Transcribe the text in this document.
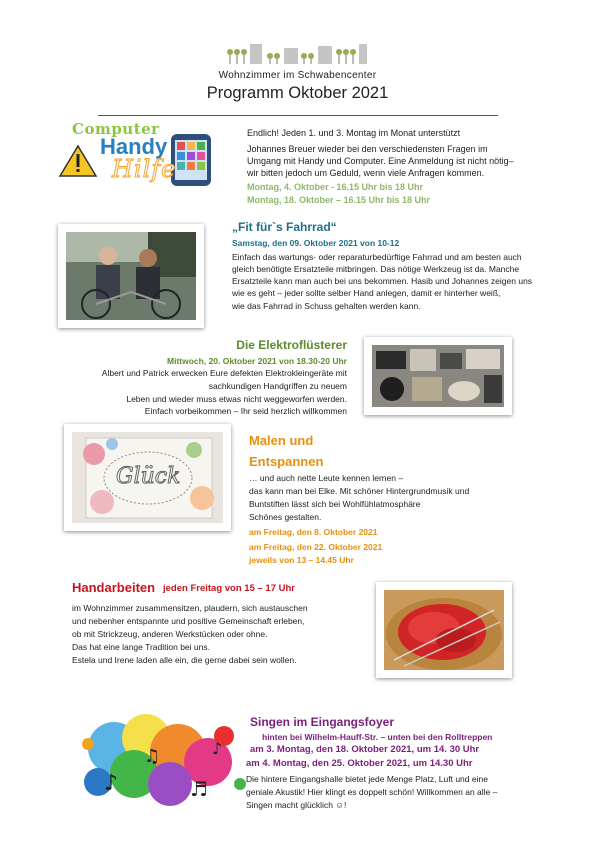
Wohnzimmer im Schwabencenter
Programm Oktober 2021
Computer
Handy
Hilfe
Endlich! Jeden 1. und 3. Montag im Monat unterstützt
Johannes Breuer wieder bei den verschiedensten Fragen im
Umgang mit Handy und Computer. Eine Anmeldung ist nicht nötig–
wir bitten jedoch um Geduld, wenn viele Anfragen kommen.
Montag, 4. Oktober - 16.15 Uhr bis 18 Uhr
Montag, 18. Oktober – 16.15 Uhr bis 18 Uhr
„Fit für`s Fahrrad“
Samstag, den 09. Oktober 2021 von 10-12
Einfach das wartungs- oder reparaturbedürftige Fahrrad und am besten auch
gleich benötigte Ersatzteile mitbringen. Das nötige Werkzeug ist da. Manche
Ersatzteile kann man auch bei uns bekommen. Hasib und Johannes zeigen uns
wie es geht – jeder sollte selber Hand anlegen, damit er hinterher weiß,
wie das Fahrrad in Schuss gehalten werden kann.
Die Elektroflüsterer
Mittwoch, 20. Oktober 2021 von 18.30-20 Uhr
Albert und Patrick erwecken Eure defekten Elektrokleingeräte mit
sachkundigen Handgriffen zu neuem
Leben und wieder muss etwas nicht weggeworfen werden.
Einfach vorbeikommen – Ihr seid herzlich willkommen
Glück
Malen und
Entspannen
… und auch nette Leute kennen lernen –
das kann man bei Elke. Mit schöner Hintergrundmusik und
Buntstiften lässt sich bei Wohlfühlatmosphäre
Schönes gestalten.
am Freitag, den 8. Oktober 2021
am Freitag, den 22. Oktober 2021
jeweils von 13 – 14.45 Uhr
Handarbeiten jeden Freitag von 15 – 17 Uhr
im Wohnzimmer zusammensitzen, plaudern, sich austauschen
und nebenher entspannte und positive Gemeinschaft erleben,
ob mit Strickzeug, anderen Werkstücken oder ohne.
Das hat eine lange Tradition bei uns.
Estela und Irene laden alle ein, die gerne dabei sein wollen.
♪
♫
♬
♪
Singen im Eingangsfoyer
hinten bei Wilhelm-Hauff-Str. – unten bei den Rolltreppen
am 3. Montag, den 18. Oktober 2021, um 14. 30 Uhr
am 4. Montag, den 25. Oktober 2021, um 14.30 Uhr
Die hintere Eingangshalle bietet jede Menge Platz, Luft und eine
geniale Akustik! Hier klingt es doppelt schön! Willkommen an alle –
Singen macht glücklich ☺!
